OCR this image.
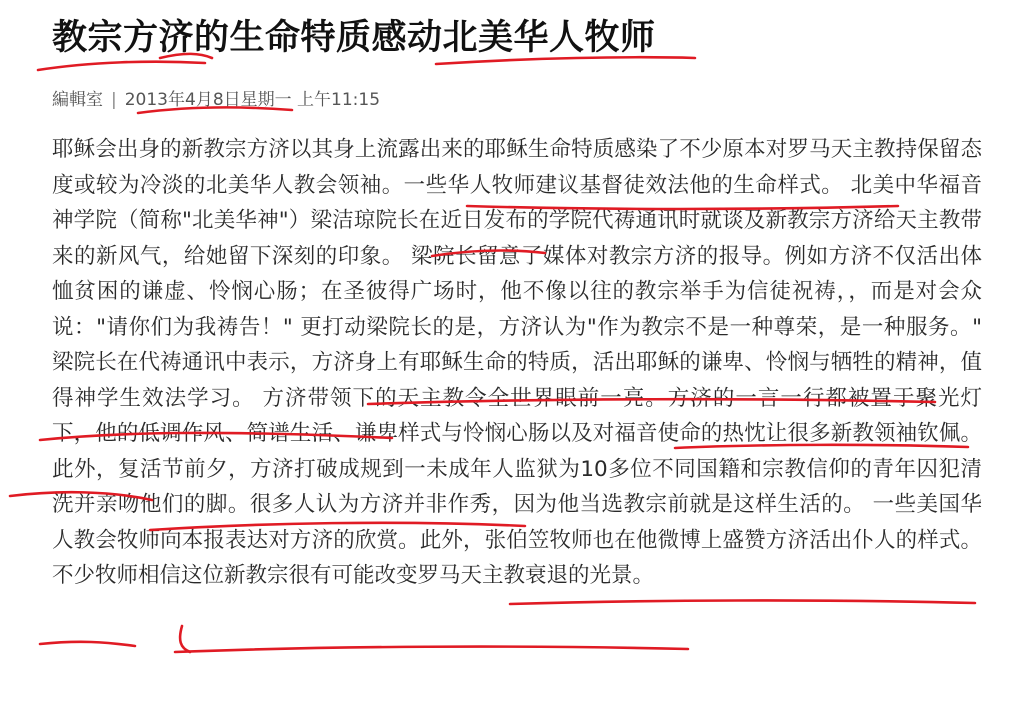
教宗方济的生命特质感动北美华人牧师
編輯室 | 2013年4月8日星期一 上午11:15
耶稣会出身的新教宗方济以其身上流露出来的耶稣生命特质感染了不少原本对罗马天主教持保留态度或较为冷淡的北美华人教会领袖。一些华人牧师建议基督徒效法他的生命样式。 北美中华福音神学院（简称"北美华神"）梁洁琼院长在近日发布的学院代祷通讯时就谈及新教宗方济给天主教带来的新风气，给她留下深刻的印象。 梁院长留意了媒体对教宗方济的报导。例如方济不仅活出体恤贫困的谦虚、怜悯心肠；在圣彼得广场时，他不像以往的教宗举手为信徒祝祷，，而是对会众说："请你们为我祷告！" 更打动梁院长的是，方济认为"作为教宗不是一种尊荣，是一种服务。" 梁院长在代祷通讯中表示，方济身上有耶稣生命的特质，活出耶稣的谦卑、怜悯与牺牲的精神，值得神学生效法学习。 方济带领下的天主教令全世界眼前一亮。方济的一言一行都被置于聚光灯下，他的低调作风、简谱生活、谦卑样式与怜悯心肠以及对福音使命的热忱让很多新教领袖钦佩。 此外，复活节前夕，方济打破成规到一未成年人监狱为10多位不同国籍和宗教信仰的青年囚犯清洗并亲吻他们的脚。很多人认为方济并非作秀，因为他当选教宗前就是这样生活的。 一些美国华人教会牧师向本报表达对方济的欣赏。此外，张伯笠牧师也在他微博上盛赞方济活出仆人的样式。不少牧师相信这位新教宗很有可能改变罗马天主教衰退的光景。
